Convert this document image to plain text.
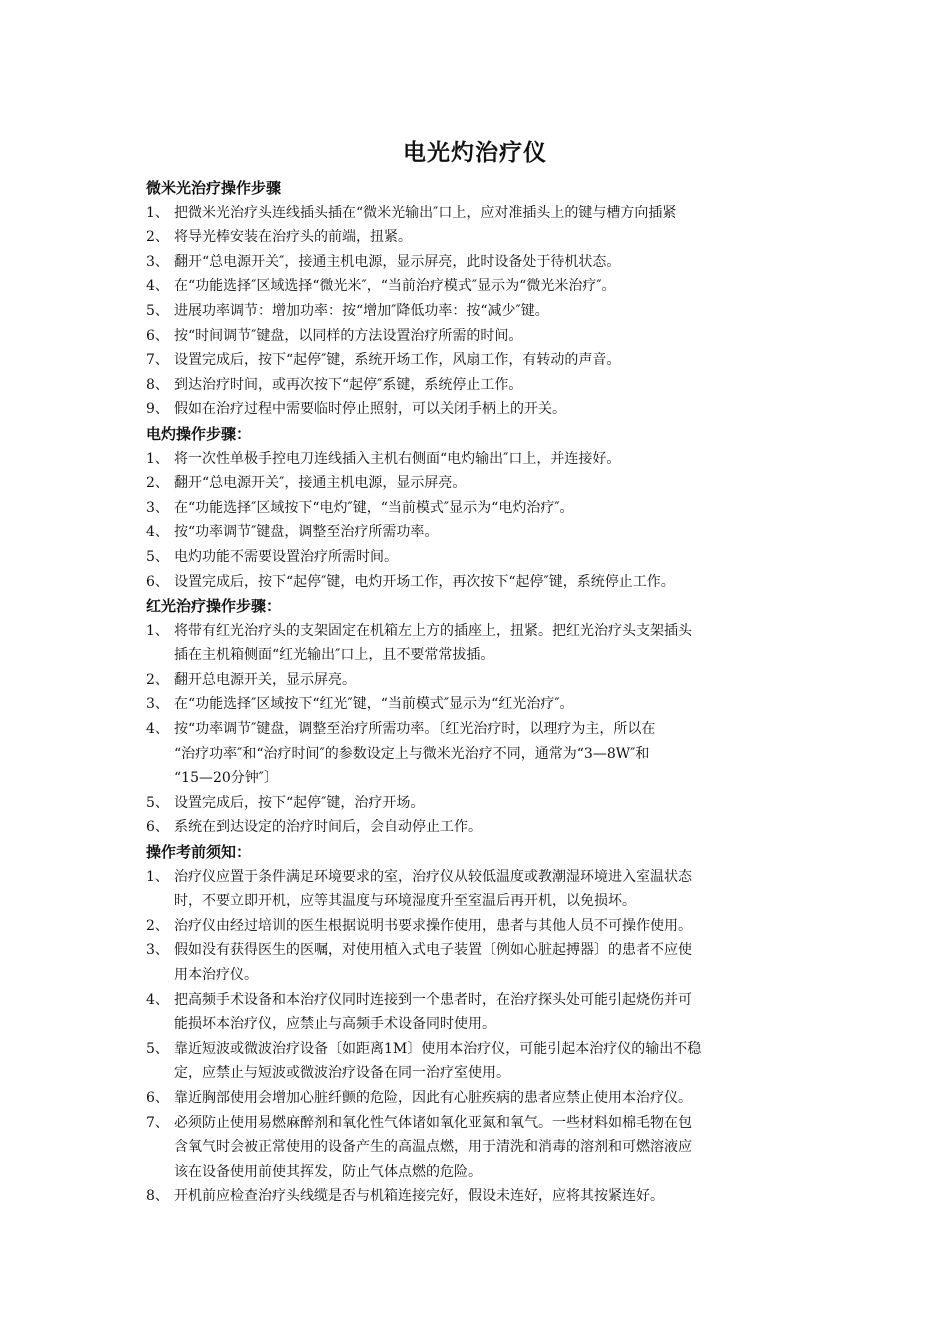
电光灼治疗仪
微米光治疗操作步骤
1、 把微米光治疗头连线插头插在“微米光输出″口上，应对准插头上的键与槽方向插紧
2、 将导光棒安装在治疗头的前端，扭紧。
3、 翻开“总电源开关″，接通主机电源，显示屏亮，此时设备处于待机状态。
4、 在“功能选择″区域选择“微光米″，“当前治疗模式″显示为“微光米治疗″。
5、 进展功率调节：增加功率：按“增加″降低功率：按“减少″键。
6、 按“时间调节″键盘，以同样的方法设置治疗所需的时间。
7、 设置完成后，按下“起停″键，系统开场工作，风扇工作，有转动的声音。
8、 到达治疗时间，或再次按下“起停″系键，系统停止工作。
9、 假如在治疗过程中需要临时停止照射，可以关闭手柄上的开关。
电灼操作步骤：
1、 将一次性单极手控电刀连线插入主机右侧面“电灼输出″口上，并连接好。
2、 翻开“总电源开关″，接通主机电源，显示屏亮。
3、 在“功能选择″区域按下“电灼″键，“当前模式″显示为“电灼治疗″。
4、 按“功率调节″键盘，调整至治疗所需功率。
5、 电灼功能不需要设置治疗所需时间。
6、 设置完成后，按下“起停″键，电灼开场工作，再次按下“起停″键，系统停止工作。
红光治疗操作步骤：
1、 将带有红光治疗头的支架固定在机箱左上方的插座上，扭紧。把红光治疗头支架插头
插在主机箱侧面“红光输出″口上，且不要常常拔插。
2、 翻开总电源开关，显示屏亮。
3、 在“功能选择″区域按下“红光″键，“当前模式″显示为“红光治疗″。
4、 按“功率调节″键盘，调整至治疗所需功率。〔红光治疗时，以理疗为主，所以在
“治疗功率″和“治疗时间″的参数设定上与微米光治疗不同，通常为“3—8W″和
“15—20分钟″〕
5、 设置完成后，按下“起停″键，治疗开场。
6、 系统在到达设定的治疗时间后，会自动停止工作。
操作考前须知：
1、 治疗仪应置于条件满足环境要求的室，治疗仪从较低温度或教潮湿环境进入室温状态
时，不要立即开机，应等其温度与环境湿度升至室温后再开机，以免损坏。
2、 治疗仪由经过培训的医生根据说明书要求操作使用，患者与其他人员不可操作使用。
3、 假如没有获得医生的医嘱，对使用植入式电子装置〔例如心脏起搏器〕的患者不应使
用本治疗仪。
4、 把高频手术设备和本治疗仪同时连接到一个患者时，在治疗探头处可能引起烧伤并可
能损坏本治疗仪，应禁止与高频手术设备同时使用。
5、 靠近短波或微波治疗设备〔如距离1M〕使用本治疗仪，可能引起本治疗仪的输出不稳
定，应禁止与短波或微波治疗设备在同一治疗室使用。
6、 靠近胸部使用会增加心脏纤颤的危险，因此有心脏疾病的患者应禁止使用本治疗仪。
7、 必须防止使用易燃麻醉剂和氧化性气体诸如氧化亚氮和氧气。一些材料如棉毛物在包
含氧气时会被正常使用的设备产生的高温点燃，用于清洗和消毒的溶剂和可燃溶液应
该在设备使用前使其挥发，防止气体点燃的危险。
8、 开机前应检查治疗头线缆是否与机箱连接完好，假设未连好，应将其按紧连好。
